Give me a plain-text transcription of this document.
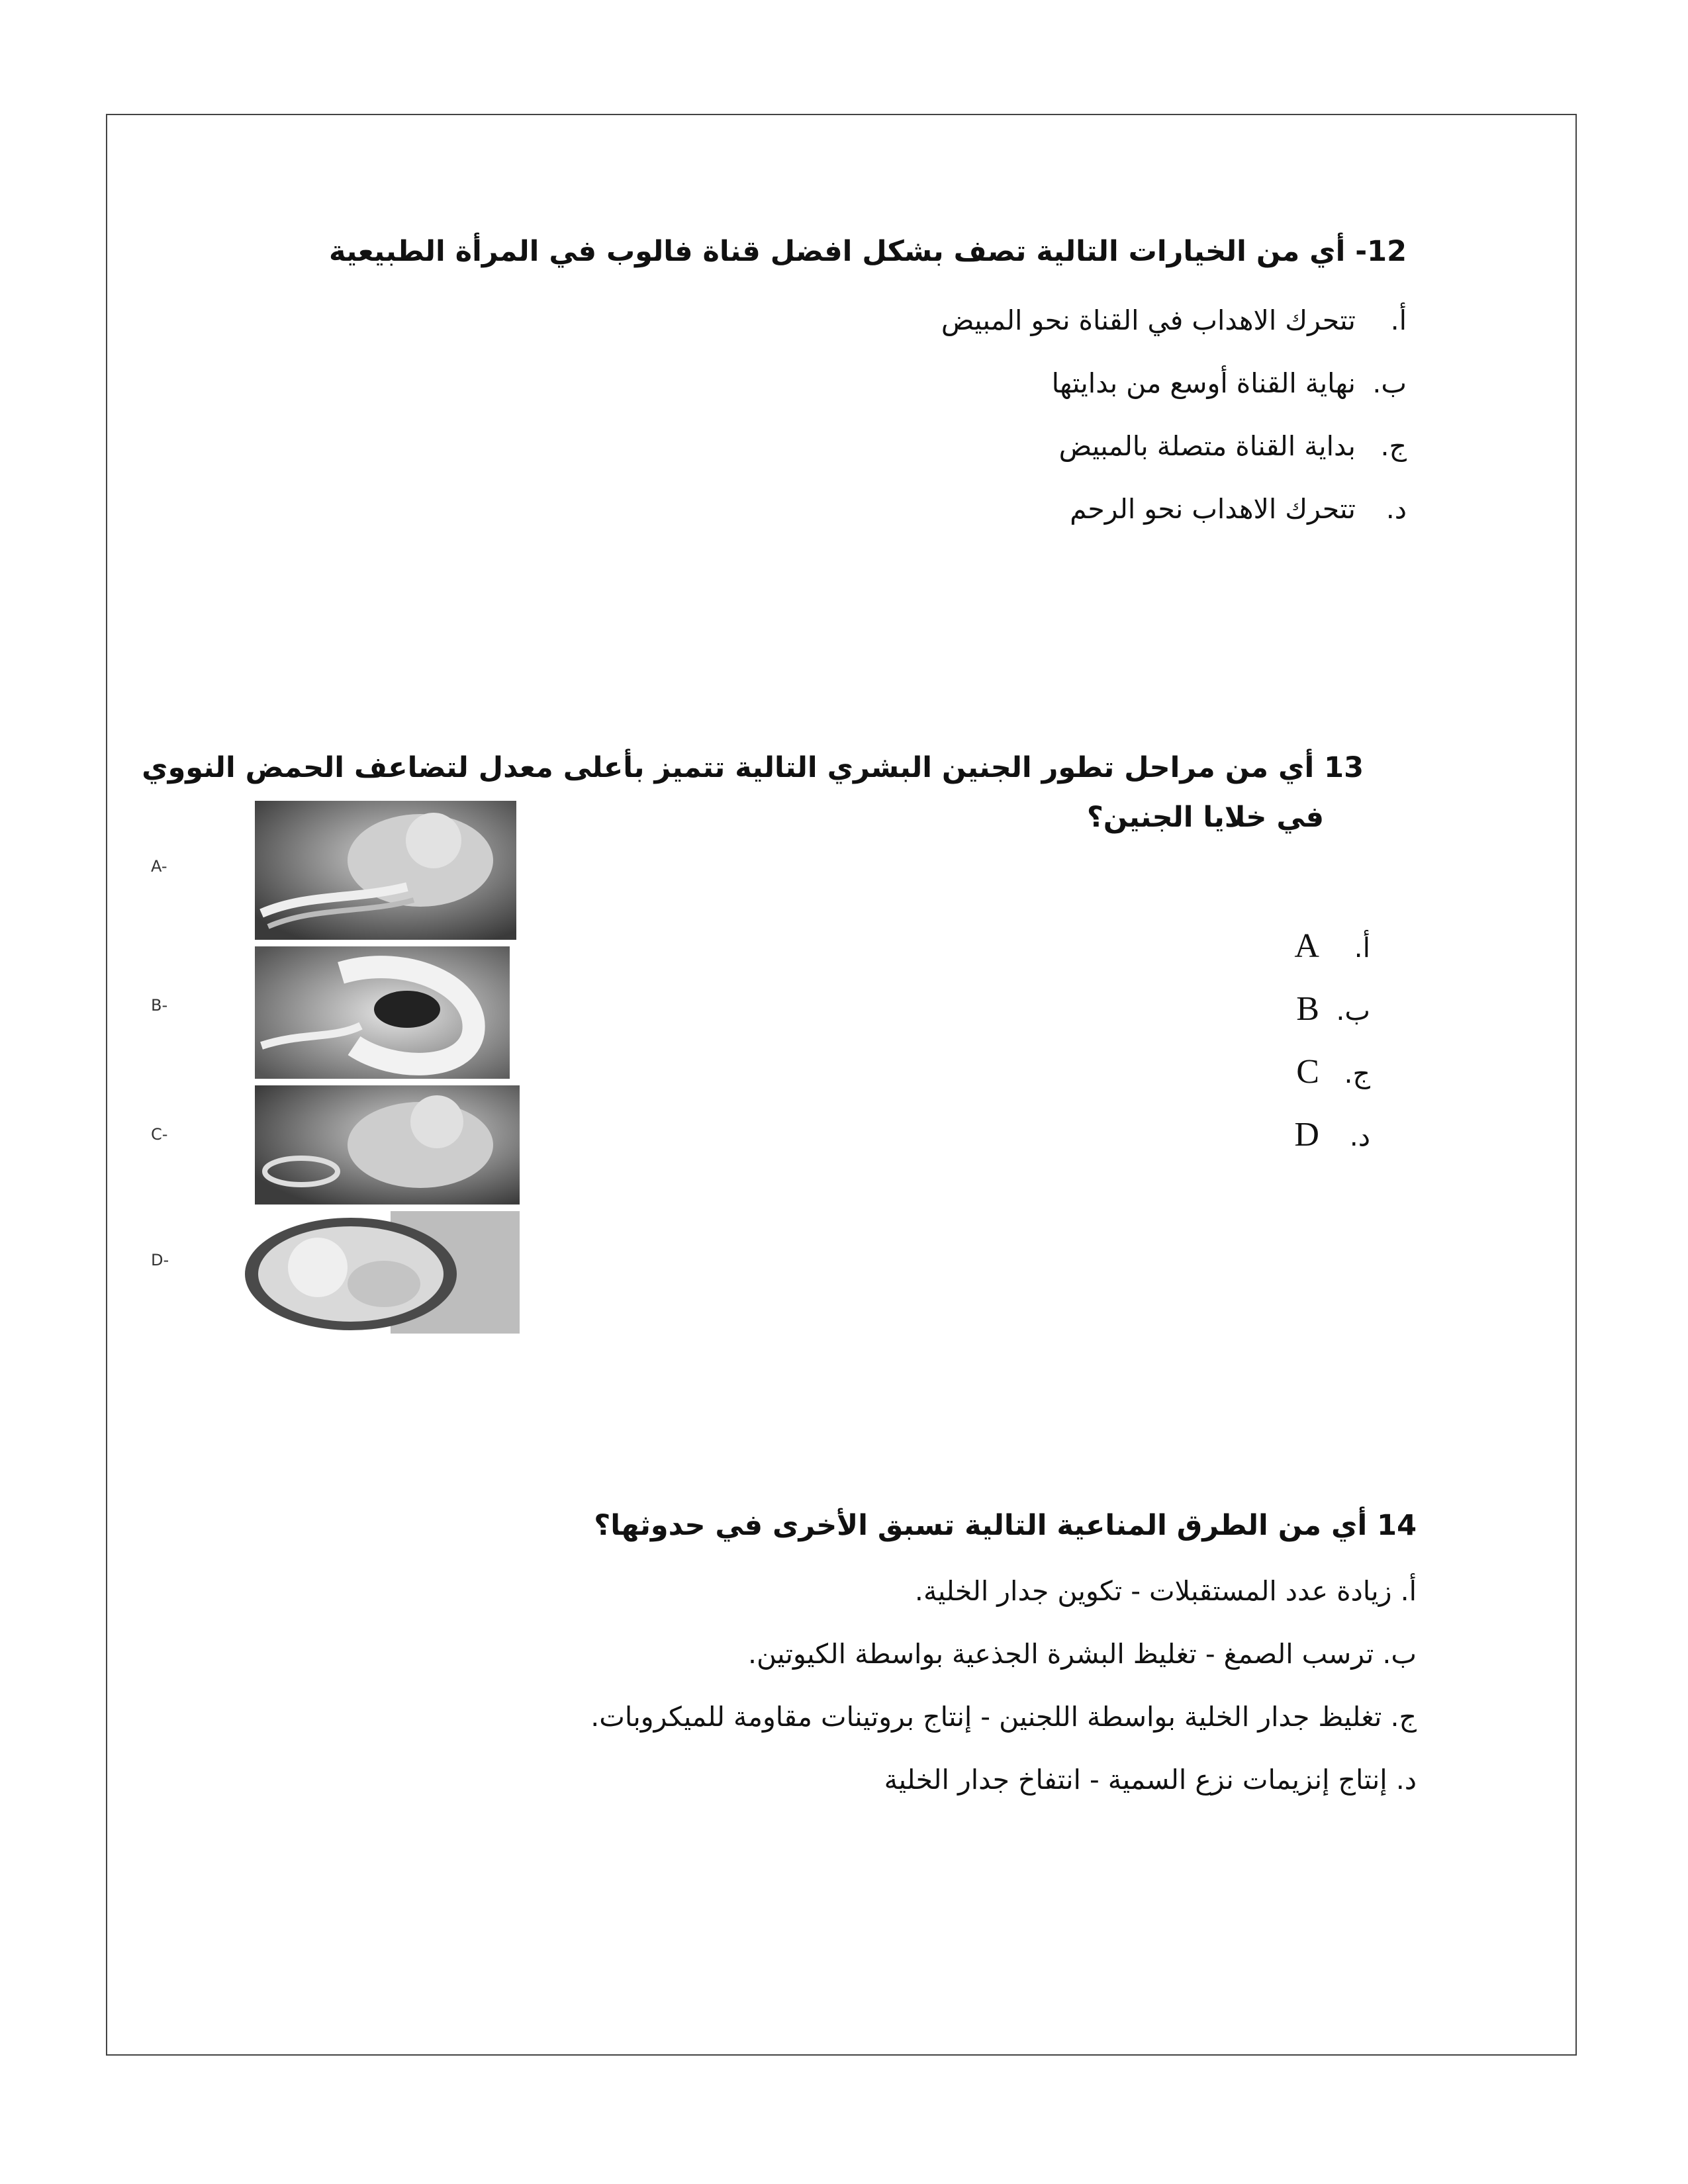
12- أي من الخيارات التالية تصف بشكل افضل قناة فالوب في المرأة الطبيعية
أ. تتحرك الاهداب في القناة نحو المبيض
ب. نهاية القناة أوسع من بدايتها
ج. بداية القناة متصلة بالمبيض
د. تتحرك الاهداب نحو الرحم
13 أي من مراحل تطور الجنين البشري التالية تتميز بأعلى معدل لتضاعف الحمض النووي
في خلايا الجنين؟
A-
B-
C-
D-
أ. A
ب. B
ج. C
د. D
14 أي من الطرق المناعية التالية تسبق الأخرى في حدوثها؟
أ. زيادة عدد المستقبلات - تكوين جدار الخلية.
ب. ترسب الصمغ - تغليظ البشرة الجذعية بواسطة الكيوتين.
ج. تغليظ جدار الخلية بواسطة اللجنين - إنتاج بروتينات مقاومة للميكروبات.
د. إنتاج إنزيمات نزع السمية - انتفاخ جدار الخلية
